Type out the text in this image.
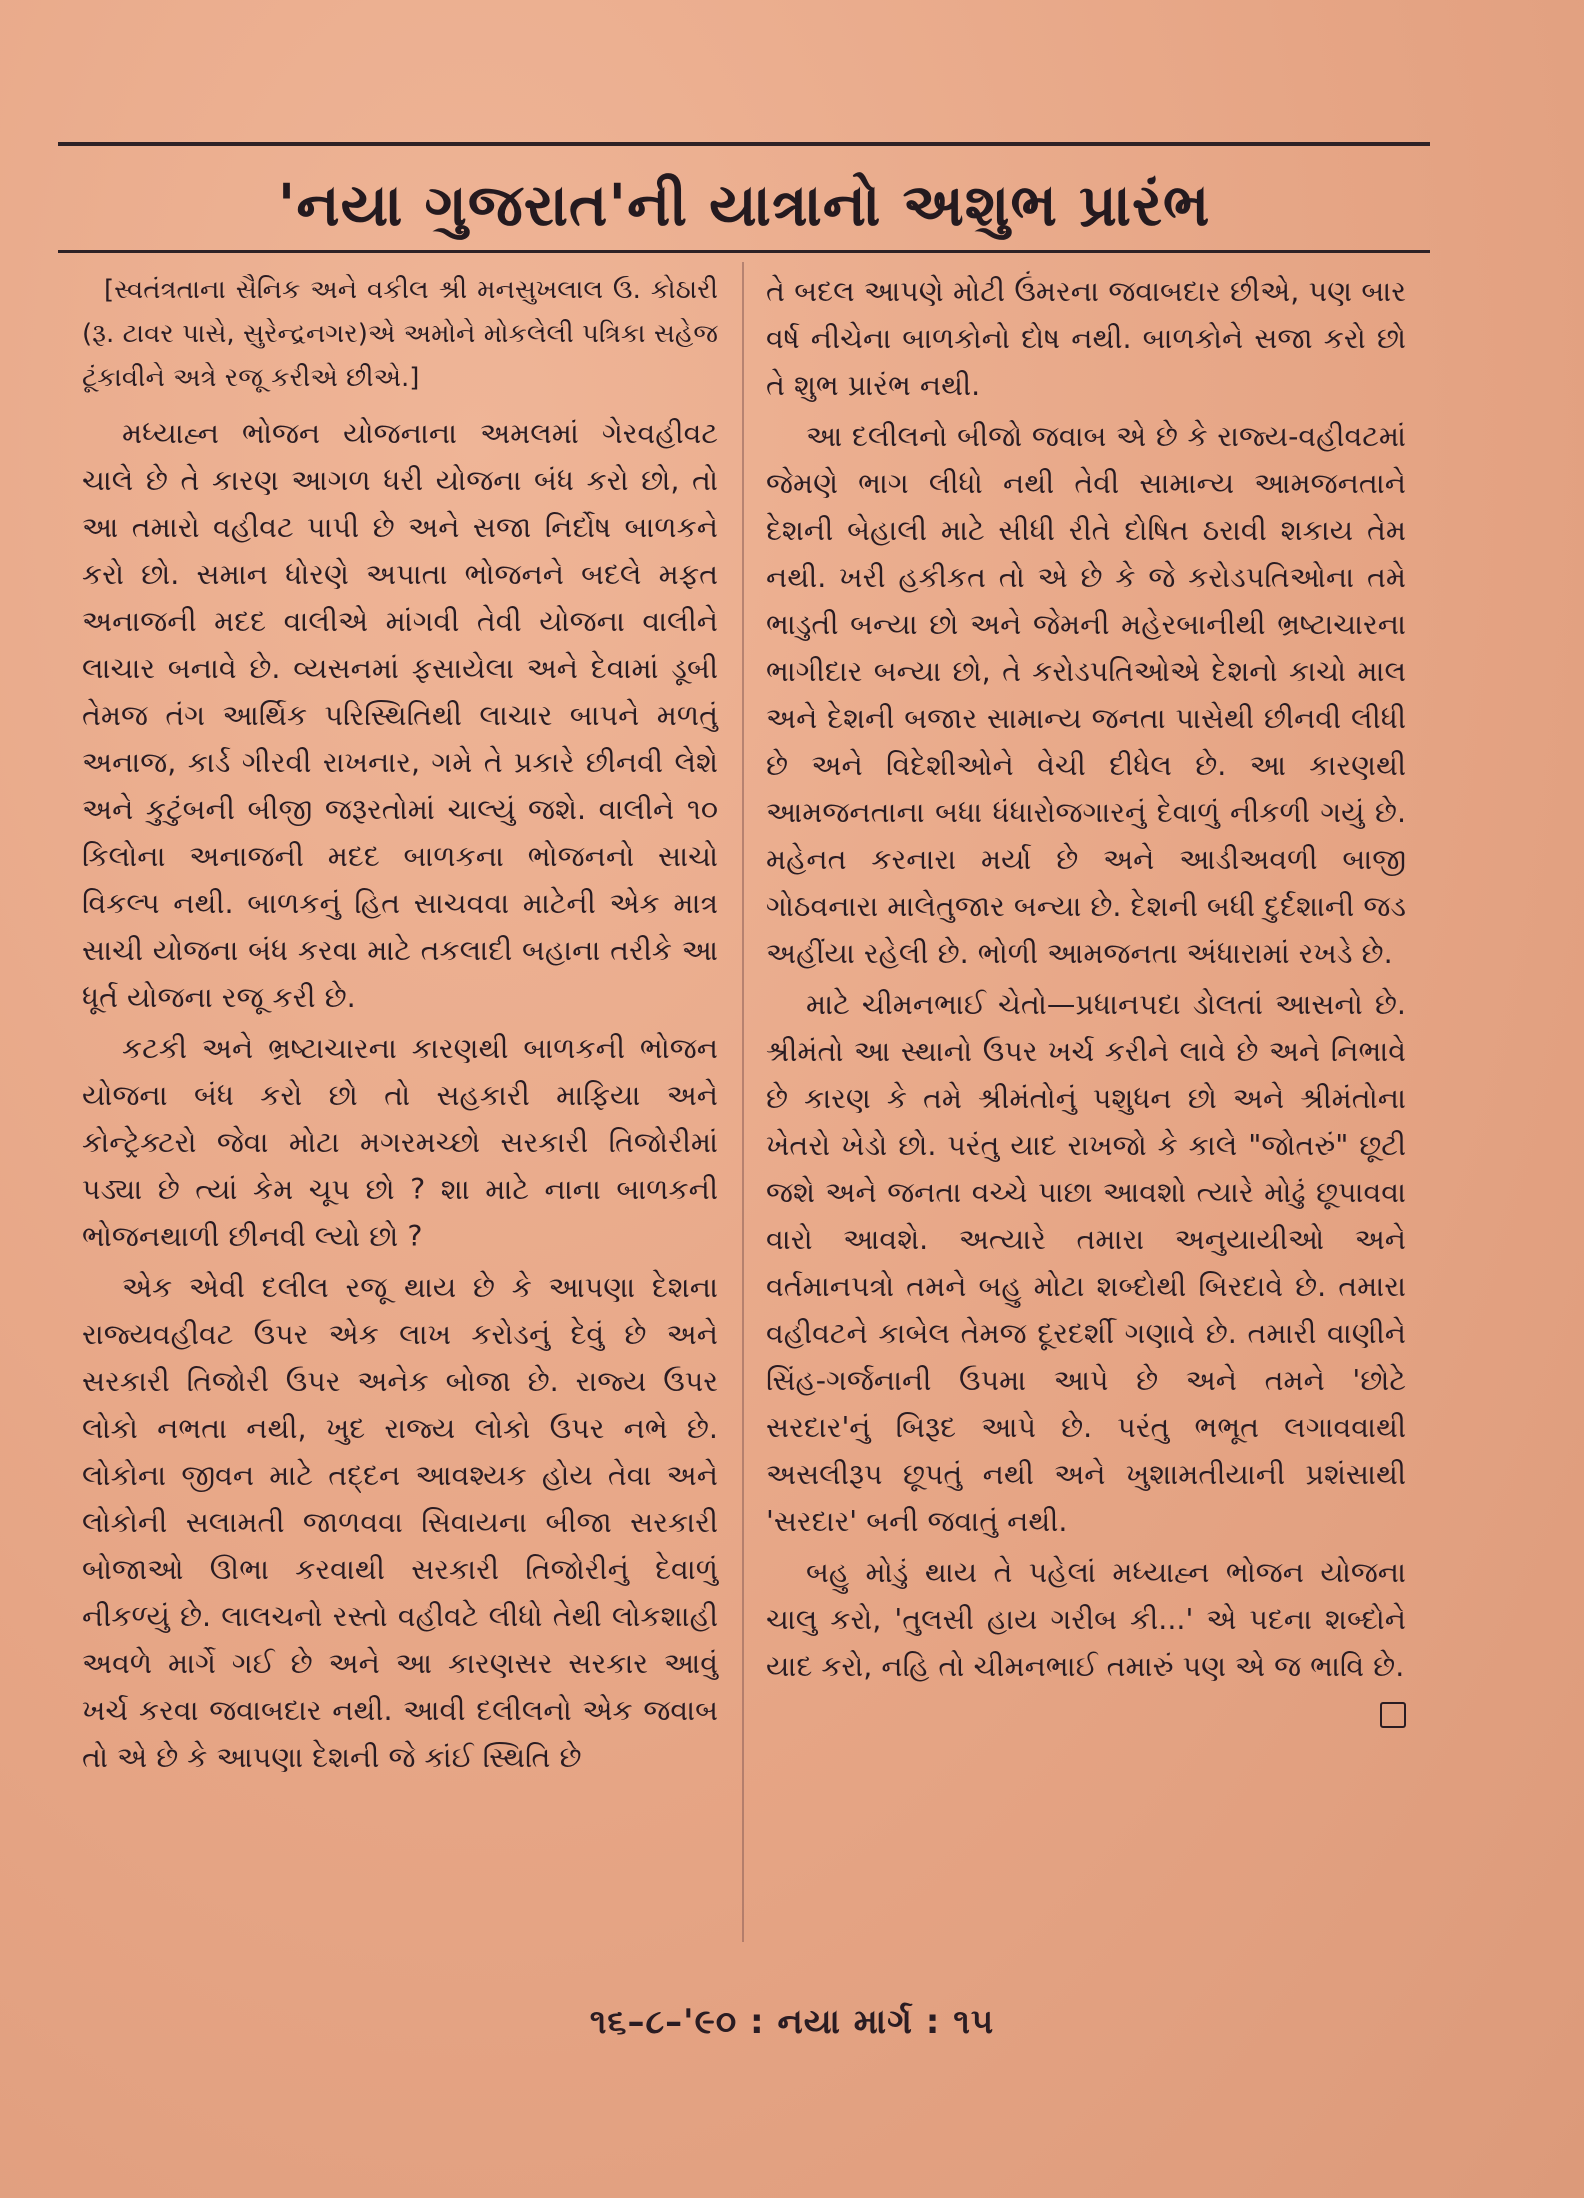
'નયા ગુજરાત'ની યાત્રાનો અશુભ પ્રારંભ

[સ્વતંત્રતાના સૈનિક અને વકીલ શ્રી મનસુખલાલ ઉ. કોઠારી (રૂ. ટાવર પાસે, સુરેન્દ્રનગર)એ અમોને મોકલેલી પત્રિકા સહેજ ટૂંકાવીને અત્રે રજૂ કરીએ છીએ.]

મધ્યાહ્ન ભોજન યોજનાના અમલમાં ગેરવહીવટ ચાલે છે તે કારણ આગળ ધરી યોજના બંધ કરો છો, તો આ તમારો વહીવટ પાપી છે અને સજા નિર્દોષ બાળકને કરો છો. સમાન ધોરણે અપાતા ભોજનને બદલે મફત અનાજની મદદ વાલીએ માંગવી તેવી યોજના વાલીને લાચાર બનાવે છે. વ્યસનમાં ફસાયેલા અને દેવામાં ડૂબી તેમજ તંગ આર્થિક પરિસ્થિતિથી લાચાર બાપને મળતું અનાજ, કાર્ડ ગીરવી રાખનાર, ગમે તે પ્રકારે છીનવી લેશે અને કુટુંબની બીજી જરૂરતોમાં ચાલ્યું જશે. વાલીને ૧૦ કિલોના અનાજની મદદ બાળકના ભોજનનો સાચો વિકલ્પ નથી. બાળકનું હિત સાચવવા માટેની એક માત્ર સાચી યોજના બંધ કરવા માટે તકલાદી બહાના તરીકે આ ધૂર્ત યોજના રજૂ કરી છે.

કટકી અને ભ્રષ્ટાચારના કારણથી બાળકની ભોજન યોજના બંધ કરો છો તો સહકારી માફિયા અને કોન્ટ્રેક્ટરો જેવા મોટા મગરમચ્છો સરકારી તિજોરીમાં પડ્યા છે ત્યાં કેમ ચૂપ છો ? શા માટે નાના બાળકની ભોજનથાળી છીનવી લ્યો છો ?

એક એવી દલીલ રજૂ થાય છે કે આપણા દેશના રાજ્યવહીવટ ઉપર એક લાખ કરોડનું દેવું છે અને સરકારી તિજોરી ઉપર અનેક બોજા છે. રાજ્ય ઉપર લોકો નભતા નથી, ખુદ રાજ્ય લોકો ઉપર નભે છે. લોકોના જીવન માટે તદ્દન આવશ્યક હોય તેવા અને લોકોની સલામતી જાળવવા સિવાયના બીજા સરકારી બોજાઓ ઊભા કરવાથી સરકારી તિજોરીનું દેવાળું નીકળ્યું છે. લાલચનો રસ્તો વહીવટે લીધો તેથી લોકશાહી અવળે માર્ગે ગઈ છે અને આ કારણસર સરકાર આવું ખર્ચ કરવા જવાબદાર નથી. આવી દલીલનો એક જવાબ તો એ છે કે આપણા દેશની જે કાંઈ સ્થિતિ છે

તે બદલ આપણે મોટી ઉંમરના જવાબદાર છીએ, પણ બાર વર્ષ નીચેના બાળકોનો દોષ નથી. બાળકોને સજા કરો છો તે શુભ પ્રારંભ નથી.

આ દલીલનો બીજો જવાબ એ છે કે રાજ્ય-વહીવટમાં જેમણે ભાગ લીધો નથી તેવી સામાન્ય આમજનતાને દેશની બેહાલી માટે સીધી રીતે દોષિત ઠરાવી શકાય તેમ નથી. ખરી હકીકત તો એ છે કે જે કરોડપતિઓના તમે ભાડુતી બન્યા છો અને જેમની મહેરબાનીથી ભ્રષ્ટાચારના ભાગીદાર બન્યા છો, તે કરોડપતિઓએ દેશનો કાચો માલ અને દેશની બજાર સામાન્ય જનતા પાસેથી છીનવી લીધી છે અને વિદેશીઓને વેચી દીધેલ છે. આ કારણથી આમજનતાના બધા ધંધારોજગારનું દેવાળું નીકળી ગયું છે. મહેનત કરનારા મર્યા છે અને આડીઅવળી બાજી ગોઠવનારા માલેતુજાર બન્યા છે. દેશની બધી દુર્દશાની જડ અહીંયા રહેલી છે. ભોળી આમજનતા અંધારામાં રખડે છે.

માટે ચીમનભાઈ ચેતો—પ્રધાનપદા ડોલતાં આસનો છે. શ્રીમંતો આ સ્થાનો ઉપર ખર્ચ કરીને લાવે છે અને નિભાવે છે કારણ કે તમે શ્રીમંતોનું પશુધન છો અને શ્રીમંતોના ખેતરો ખેડો છો. પરંતુ યાદ રાખજો કે કાલે "જોતરું" છૂટી જશે અને જનતા વચ્ચે પાછા આવશો ત્યારે મોઢું છૂપાવવા વારો આવશે. અત્યારે તમારા અનુયાયીઓ અને વર્તમાનપત્રો તમને બહુ મોટા શબ્દોથી બિરદાવે છે. તમારા વહીવટને કાબેલ તેમજ દૂરદર્શી ગણાવે છે. તમારી વાણીને સિંહ-ગર્જનાની ઉપમા આપે છે અને તમને 'છોટે સરદાર'નું બિરૂદ આપે છે. પરંતુ ભભૂત લગાવવાથી અસલીરૂપ છૂપતું નથી અને ખુશામતીયાની પ્રશંસાથી 'સરદાર' બની જવાતું નથી.

બહુ મોડું થાય તે પહેલાં મધ્યાહ્ન ભોજન યોજના ચાલુ કરો, 'તુલસી હાય ગરીબ કી...' એ પદના શબ્દોને યાદ કરો, નહિ તો ચીમનભાઈ તમારું પણ એ જ ભાવિ છે.

૧૬–૮–'૯૦ : નયા માર્ગ : ૧૫
